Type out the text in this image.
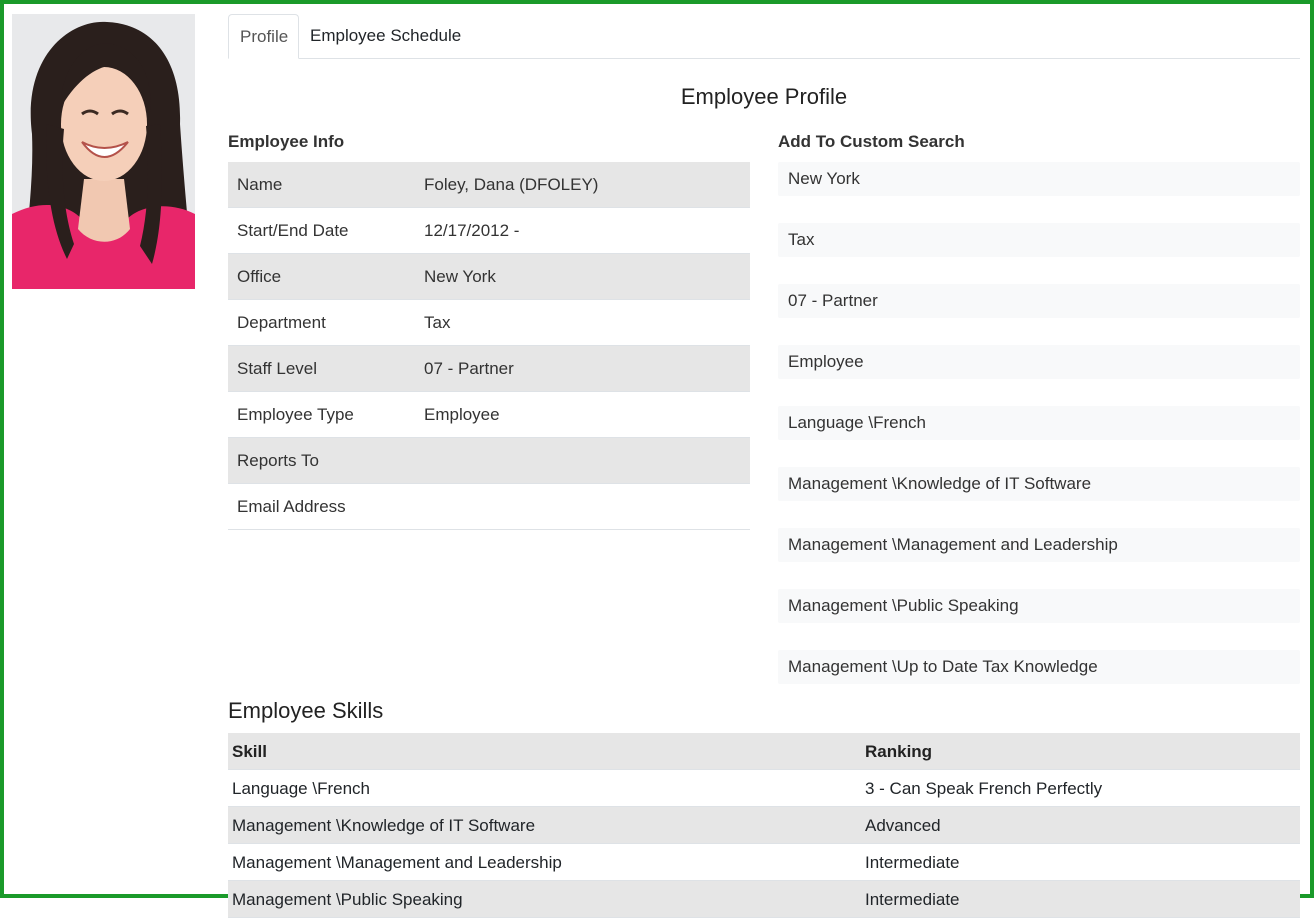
Profile	Employee Schedule
Employee Profile
Employee Info	Add To Custom Search
Name	Foley, Dana (DFOLEY)
Start/End Date	12/17/2012 -
Office	New York
Department	Tax
Staff Level	07 - Partner
Employee Type	Employee
Reports To
Email Address
New York
Tax
07 - Partner
Employee
Language \French
Management \Knowledge of IT Software
Management \Management and Leadership
Management \Public Speaking
Management \Up to Date Tax Knowledge
Employee Skills
Skill	Ranking
Language \French	3 - Can Speak French Perfectly
Management \Knowledge of IT Software	Advanced
Management \Management and Leadership	Intermediate
Management \Public Speaking	Intermediate
